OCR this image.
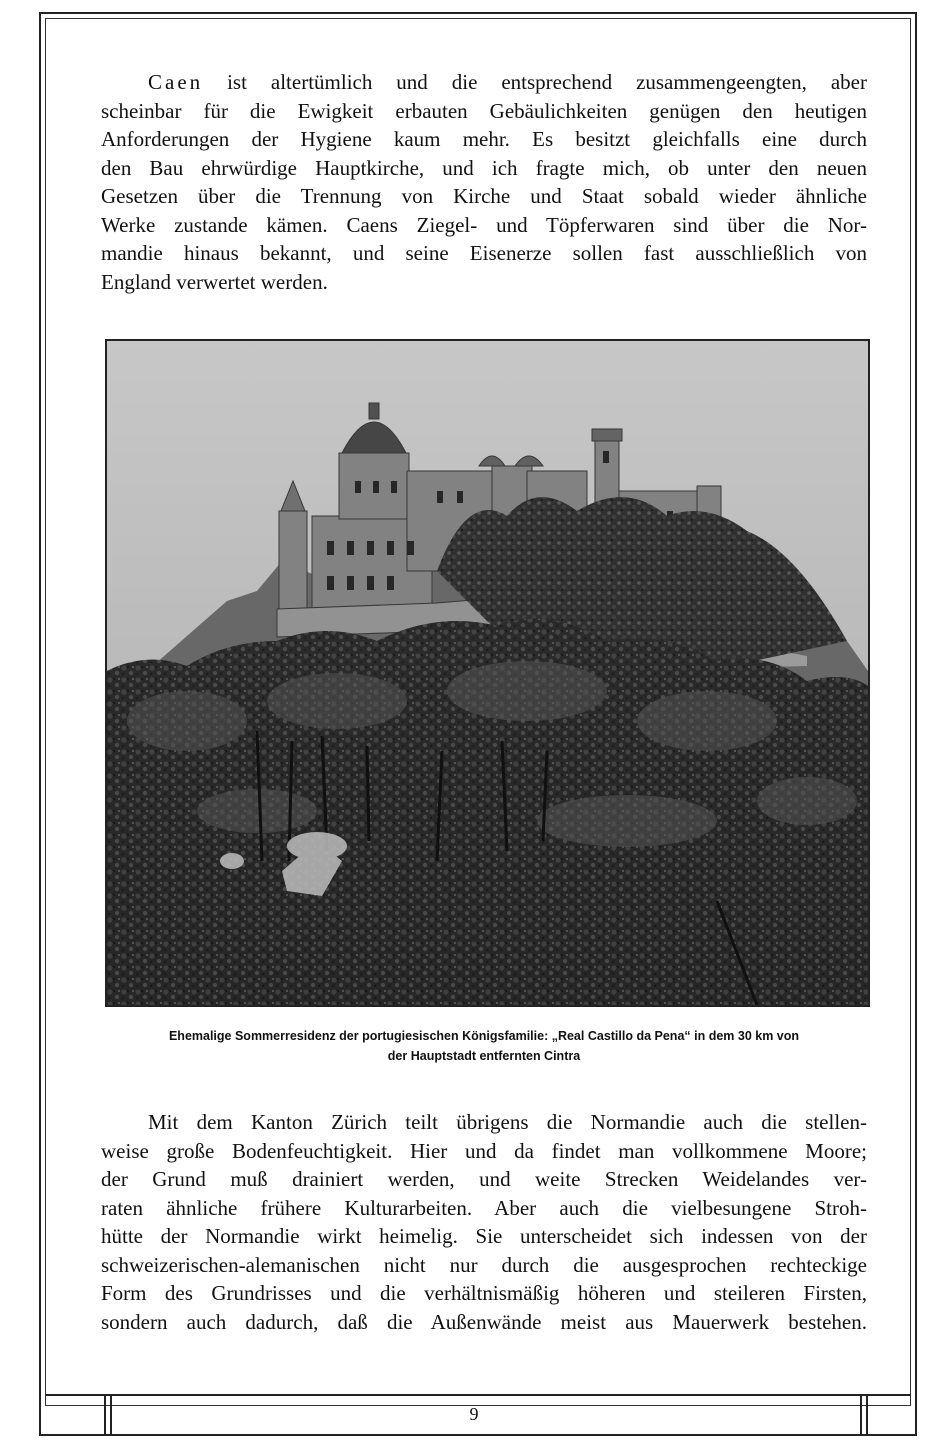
Caen ist altertümlich und die entsprechend zusammengeengten, aber
scheinbar für die Ewigkeit erbauten Gebäulichkeiten genügen den heutigen
Anforderungen der Hygiene kaum mehr. Es besitzt gleichfalls eine durch
den Bau ehrwürdige Hauptkirche, und ich fragte mich, ob unter den neuen
Gesetzen über die Trennung von Kirche und Staat sobald wieder ähnliche
Werke zustande kämen. Caens Ziegel- und Töpferwaren sind über die Nor-
mandie hinaus bekannt, und seine Eisenerze sollen fast ausschließlich von
England verwertet werden.
Ehemalige Sommerresidenz der portugiesischen Königsfamilie: „Real Castillo da Pena“ in dem 30 km von
der Hauptstadt entfernten Cintra
Mit dem Kanton Zürich teilt übrigens die Normandie auch die stellen-
weise große Bodenfeuchtigkeit. Hier und da findet man vollkommene Moore;
der Grund muß drainiert werden, und weite Strecken Weidelandes ver-
raten ähnliche frühere Kulturarbeiten. Aber auch die vielbesungene Stroh-
hütte der Normandie wirkt heimelig. Sie unterscheidet sich indessen von der
schweizerischen-alemanischen nicht nur durch die ausgesprochen rechteckige
Form des Grundrisses und die verhältnismäßig höheren und steileren Firsten,
sondern auch dadurch, daß die Außenwände meist aus Mauerwerk bestehen.
9
